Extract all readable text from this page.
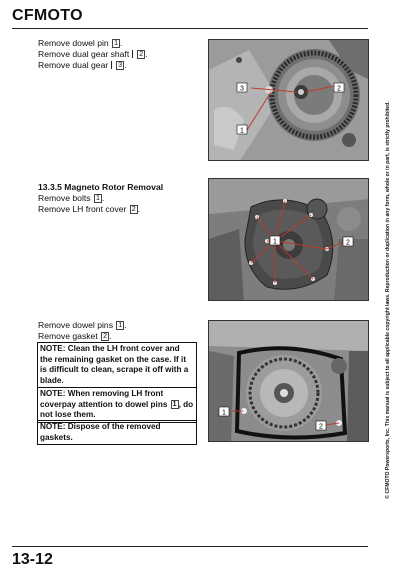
CFMOTO
Remove dowel pin 1 .
Remove dual gear shaft 2 .
Remove dual gear 3 .
3	2
1
13.3.5 Magneto Rotor Removal
Remove bolts 1 .
Remove LH front cover 2 .
1	2
Remove dowel pins 1 .
Remove gasket 2 .
NOTE: Clean the LH front cover and
the remaining gasket on the case. If it
is difficult to clean, scrape it off with a
blade.
NOTE: When removing LH front
coverpay attention to dowel pins 1 , do
not lose them.
NOTE: Dispose of the removed
gaskets.
1
2	© CFMOTO Powersports, Inc. This manual is subject to all applicable copyright laws. Reproduction or duplication in any form, whole or in part, is strictly prohibited.
13-12
